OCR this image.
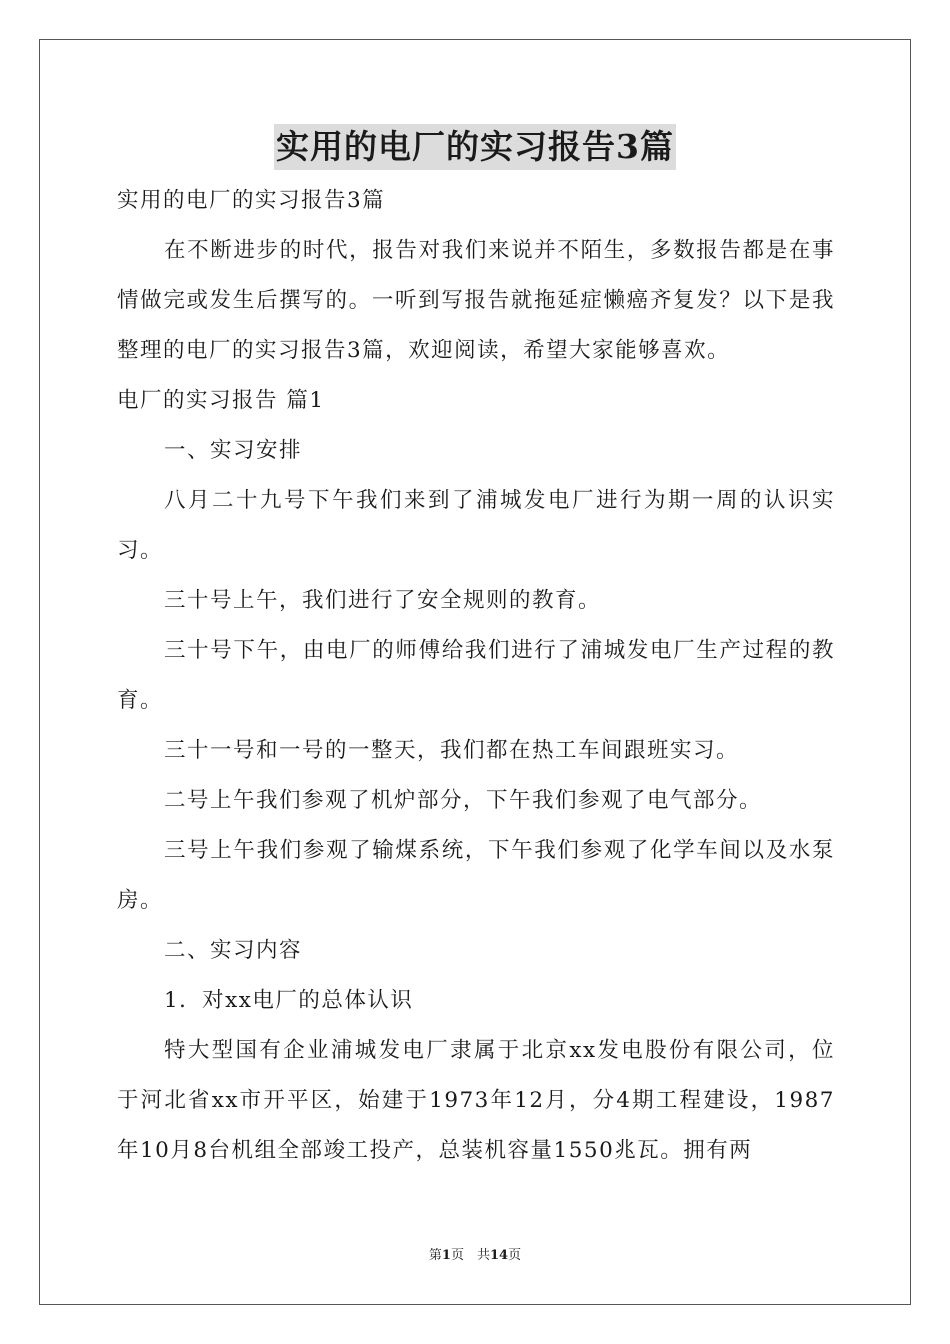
实用的电厂的实习报告3篇

实用的电厂的实习报告3篇

在不断进步的时代，报告对我们来说并不陌生，多数报告都是在事情做完或发生后撰写的。一听到写报告就拖延症懒癌齐复发？以下是我整理的电厂的实习报告3篇，欢迎阅读，希望大家能够喜欢。

电厂的实习报告 篇1

一、实习安排

八月二十九号下午我们来到了浦城发电厂进行为期一周的认识实习。

三十号上午，我们进行了安全规则的教育。

三十号下午，由电厂的师傅给我们进行了浦城发电厂生产过程的教育。

三十一号和一号的一整天，我们都在热工车间跟班实习。

二号上午我们参观了机炉部分，下午我们参观了电气部分。

三号上午我们参观了输煤系统，下午我们参观了化学车间以及水泵房。

二、实习内容

1．对xx电厂的总体认识

特大型国有企业浦城发电厂隶属于北京xx发电股份有限公司，位于河北省xx市开平区，始建于1973年12月，分4期工程建设，1987年10月8台机组全部竣工投产，总装机容量1550兆瓦。拥有两

第1页　共14页
